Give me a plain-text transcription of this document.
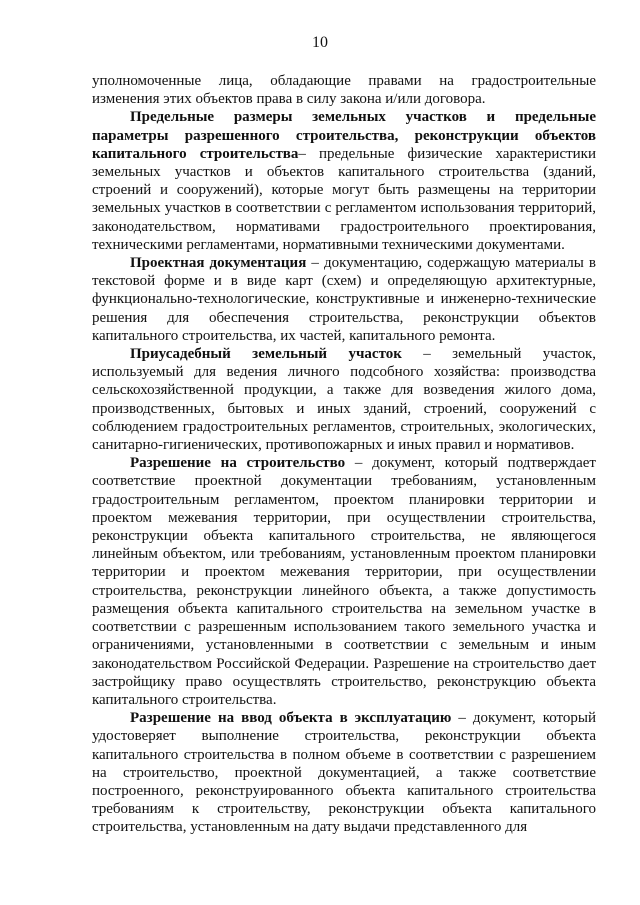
10

уполномоченные лица, обладающие правами на градостроительные изменения этих объектов права в силу закона и/или договора.

Предельные размеры земельных участков и предельные параметры разрешенного строительства, реконструкции объектов капитального строительства– предельные физические характеристики земельных участков и объектов капитального строительства (зданий, строений и сооружений), которые могут быть размещены на территории земельных участков в соответствии с регламентом использования территорий, законодательством, нормативами градостроительного проектирования, техническими регламентами, нормативными техническими документами.

Проектная документация – документацию, содержащую материалы в текстовой форме и в виде карт (схем) и определяющую архитектурные, функционально-технологические, конструктивные и инженерно-технические решения для обеспечения строительства, реконструкции объектов капитального строительства, их частей, капитального ремонта.

Приусадебный земельный участок – земельный участок, используемый для ведения личного подсобного хозяйства: производства сельскохозяйственной продукции, а также для возведения жилого дома, производственных, бытовых и иных зданий, строений, сооружений с соблюдением градостроительных регламентов, строительных, экологических, санитарно-гигиенических, противопожарных и иных правил и нормативов.

Разрешение на строительство – документ, который подтверждает соответствие проектной документации требованиям, установленным градостроительным регламентом, проектом планировки территории и проектом межевания территории, при осуществлении строительства, реконструкции объекта капитального строительства, не являющегося линейным объектом, или требованиям, установленным проектом планировки территории и проектом межевания территории, при осуществлении строительства, реконструкции линейного объекта, а также допустимость размещения объекта капитального строительства на земельном участке в соответствии с разрешенным использованием такого земельного участка и ограничениями, установленными в соответствии с земельным и иным законодательством Российской Федерации. Разрешение на строительство дает застройщику право осуществлять строительство, реконструкцию объекта капитального строительства.

Разрешение на ввод объекта в эксплуатацию – документ, который удостоверяет выполнение строительства, реконструкции объекта капитального строительства в полном объеме в соответствии с разрешением на строительство, проектной документацией, а также соответствие построенного, реконструированного объекта капитального строительства требованиям к строительству, реконструкции объекта капитального строительства, установленным на дату выдачи представленного для
